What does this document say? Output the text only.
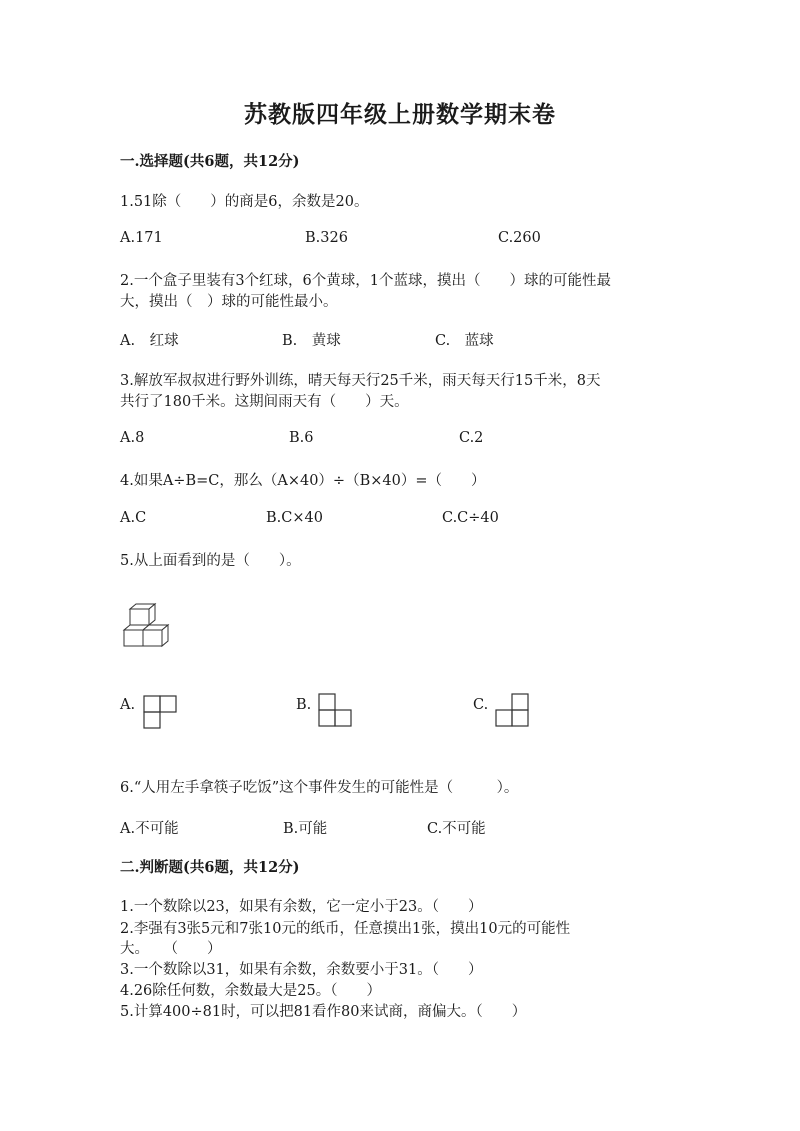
苏教版四年级上册数学期末卷
一.选择题(共6题，共12分)
1.51除（　　）的商是6，余数是20。
A.171	B.326	C.260
2.一个盒子里装有3个红球，6个黄球，1个蓝球，摸出（　　）球的可能性最
大，摸出（　）球的可能性最小。
A.　红球	B.　黄球	C.　蓝球
3.解放军叔叔进行野外训练，晴天每天行25千米，雨天每天行15千米，8天
共行了180千米。这期间雨天有（　　）天。
A.8	B.6	C.2
4.如果A÷B=C，那么（A×40）÷（B×40）=（　　）
A.C	B.C×40	C.C÷40
5.从上面看到的是（　　）。
A.	B.	C.
6.“人用左手拿筷子吃饭”这个事件发生的可能性是（　　　）。
A.不可能	B.可能	C.不可能
二.判断题(共6题，共12分)
1.一个数除以23，如果有余数，它一定小于23。（　　）
2.李强有3张5元和7张10元的纸币，任意摸出1张，摸出10元的可能性
大。　　（　　）
3.一个数除以31，如果有余数，余数要小于31。（　　）
4.26除任何数，余数最大是25。（　　）
5.计算400÷81时，可以把81看作80来试商，商偏大。（　　）
